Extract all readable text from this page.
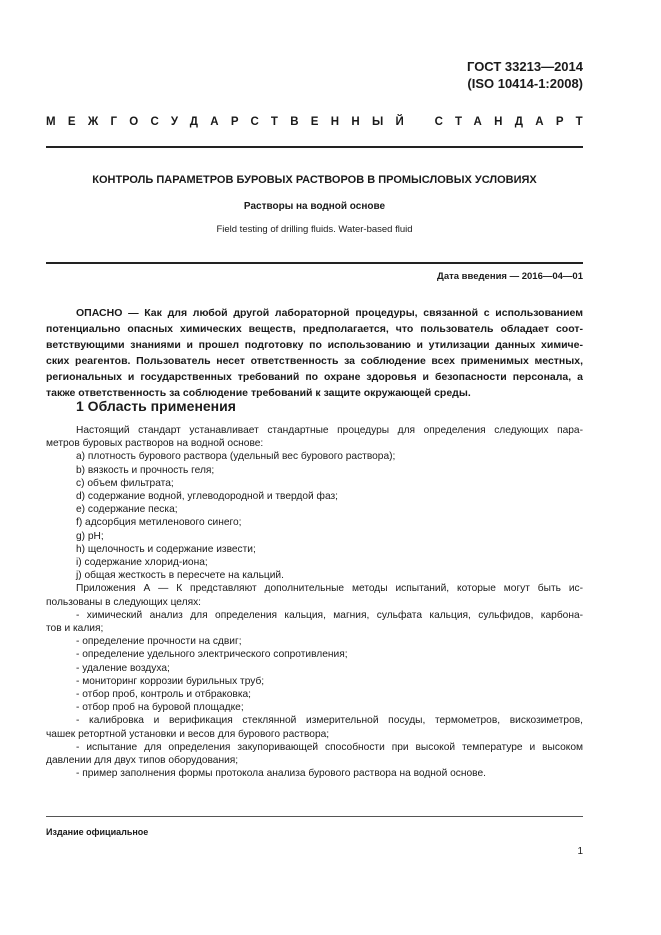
ГОСТ 33213—2014
(ISO 10414-1:2008)
МЕЖГОСУДАРСТВЕННЫЙ СТАНДАРТ
КОНТРОЛЬ ПАРАМЕТРОВ БУРОВЫХ РАСТВОРОВ В ПРОМЫСЛОВЫХ УСЛОВИЯХ
Растворы на водной основе
Field testing of drilling fluids. Water-based fluid
Дата введения — 2016—04—01
ОПАСНО — Как для любой другой лабораторной процедуры, связанной с использованием
потенциально опасных химических веществ, предполагается, что пользователь обладает соот-
ветствующими знаниями и прошел подготовку по использованию и утилизации данных химиче-
ских реагентов. Пользователь несет ответственность за соблюдение всех применимых местных,
региональных и государственных требований по охране здоровья и безопасности персонала, а
также ответственность за соблюдение требований к защите окружающей среды.
1 Область применения
Настоящий стандарт устанавливает стандартные процедуры для определения следующих пара-
метров буровых растворов на водной основе:
a) плотность бурового раствора (удельный вес бурового раствора);
b) вязкость и прочность геля;
c) объем фильтрата;
d) содержание водной, углеводородной и твердой фаз;
e) содержание песка;
f) адсорбция метиленового синего;
g) pH;
h) щелочность и содержание извести;
i) содержание хлорид-иона;
j) общая жесткость в пересчете на кальций.
Приложения А — К представляют дополнительные методы испытаний, которые могут быть ис-
пользованы в следующих целях:
- химический анализ для определения кальция, магния, сульфата кальция, сульфидов, карбона-
тов и калия;
- определение прочности на сдвиг;
- определение удельного электрического сопротивления;
- удаление воздуха;
- мониторинг коррозии бурильных труб;
- отбор проб, контроль и отбраковка;
- отбор проб на буровой площадке;
- калибровка и верификация стеклянной измерительной посуды, термометров, вискозиметров,
чашек ретортной установки и весов для бурового раствора;
- испытание для определения закупоривающей способности при высокой температуре и высоком
давлении для двух типов оборудования;
- пример заполнения формы протокола анализа бурового раствора на водной основе.
Издание официальное
1
